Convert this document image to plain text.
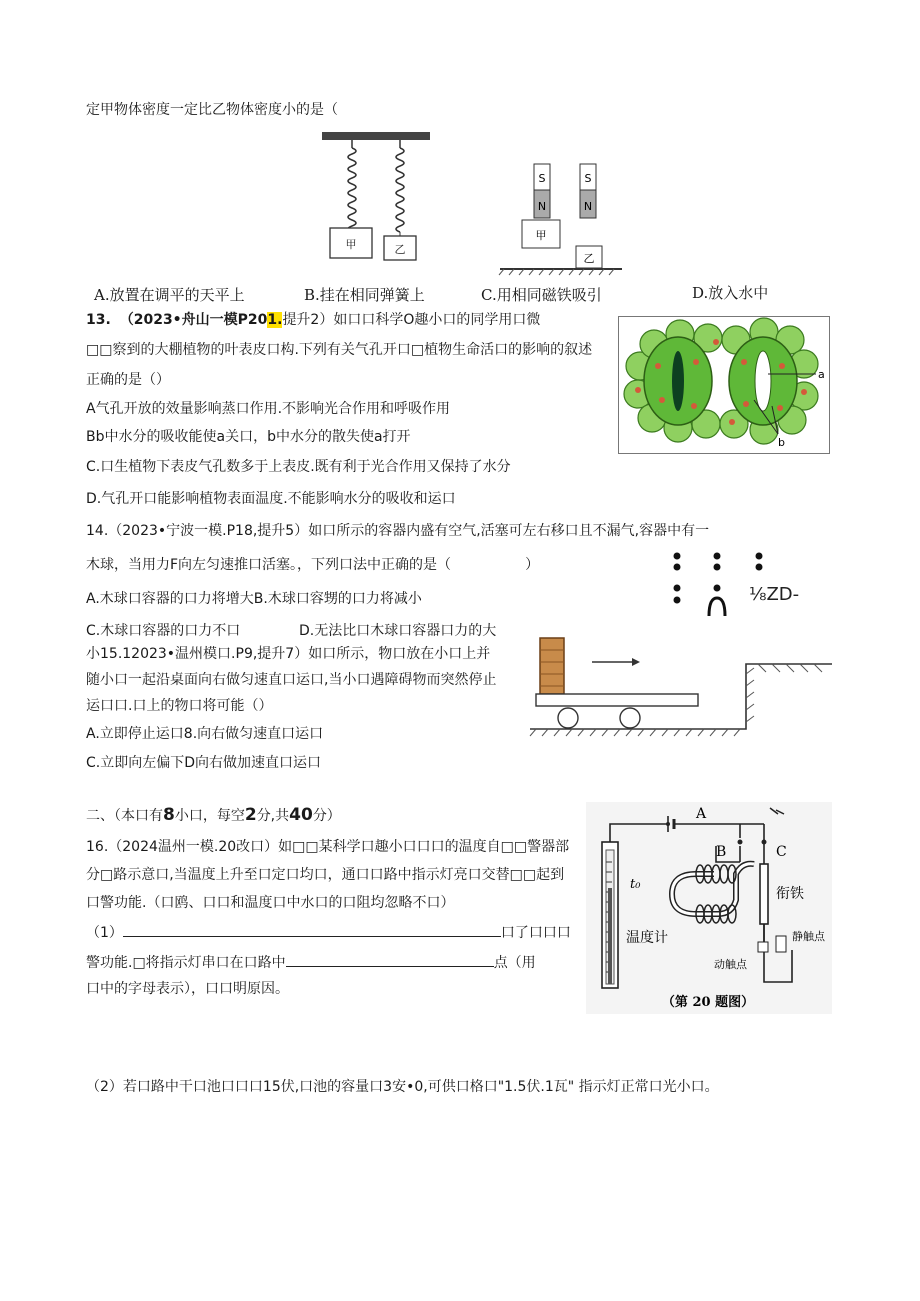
定甲物体密度一定比乙物体密度小的是（
甲	乙
S
N
S
N
甲
乙
A.放置在调平的天平上	B.挂在相同弹簧上	C.用相同磁铁吸引	D.放入水中
13. （2023•舟山一模P201.提升2）如口口科学O趣小口的同学用口微
□□察到的大棚植物的叶表皮口构.下列有关气孔开口□植物生命活口的影响的叙述
正确的是（）
A气孔开放的效量影响蒸口作用.不影响光合作用和呼吸作用
Bb中水分的吸收能使a关口，b中水分的散失使a打开
C.口生植物下表皮气孔数多于上表皮.既有利于光合作用又保持了水分
D.气孔开口能影响植物表面温度.不能影响水分的吸收和运口
a
b
14.（2023•宁波一模.P18,提升5）如口所示的容器内盛有空气,活塞可左右移口且不漏气,容器中有一
木球，当用力F向左匀速推口活塞。，下列口法中正确的是（	）
A.木球口容器的口力将增大B.木球口容甥的口力将减小
C.木球口容器的口力不口	D.无法比口木球口容器口力的大
⅛ZD-
小15.12023•温州模口.P9,提升7）如口所示，物口放在小口上并
随小口一起沿桌面向右做匀速直口运口,当小口遇障碍物而突然停止
运口口.口上的物口将可能（）
A.立即停止运口8.向右做匀速直口运口
C.立即向左偏下D向右做加速直口运口
二、（本口有8小口，每空2分,共40分）
16.（2024温州一模.20改口）如□□某科学口趣小口口口的温度自□□警器部
分□路示意口,当温度上升至口定口均口，通口口路中指示灯亮口交替□□起到
口警功能.（口鸥、口口和温度口中水口的口阻均忽略不口）
（1）	口了口口口
警功能.□将指示灯串口在口路中	点（用
口中的字母表示），口口明原因。
（2）若口路中干口池口口口15伏,口池的容量口3安•0,可供口格口"1.5伏.1瓦" 指示灯正常口光小口。
A
B	C
t₀
衔铁
温度计	静触点
动触点
（第 20 题图）
